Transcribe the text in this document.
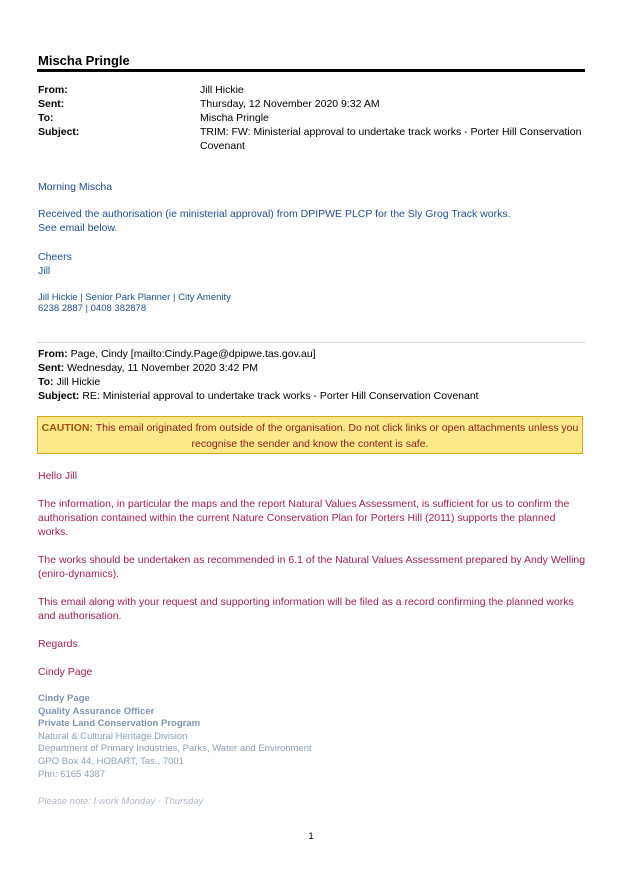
Mischa Pringle
From:	Jill Hickie
Sent:	Thursday, 12 November 2020 9:32 AM
To:	Mischa Pringle
Subject:	TRIM: FW: Ministerial approval to undertake track works - Porter Hill Conservation Covenant
Morning Mischa
Received the authorisation (ie ministerial approval) from DPIPWE PLCP for the Sly Grog Track works.
See email below.
Cheers
Jill
Jill Hickie | Senior Park Planner | City Amenity
6238 2887 | 0408 382878
From: Page, Cindy [mailto:Cindy.Page@dpipwe.tas.gov.au]
Sent: Wednesday, 11 November 2020 3:42 PM
To: Jill Hickie
Subject: RE: Ministerial approval to undertake track works - Porter Hill Conservation Covenant
CAUTION: This email originated from outside of the organisation. Do not click links or open attachments unless you recognise the sender and know the content is safe.
Hello Jill
The information, in particular the maps and the report Natural Values Assessment, is sufficient for us to confirm the authorisation contained within the current Nature Conservation Plan for Porters Hill (2011) supports the planned works.
The works should be undertaken as recommended in 6.1 of the Natural Values Assessment prepared by Andy Welling (eniro-dynamics).
This email along with your request and supporting information will be filed as a record confirming the planned works and authorisation.
Regards
Cindy Page
Cindy Page
Quality Assurance Officer
Private Land Conservation Program
Natural & Cultural Heritage Division
Department of Primary Industries, Parks, Water and Environment
GPO Box 44, HOBART, Tas., 7001
Phn: 6165 4387
Please note: I work Monday - Thursday
1
